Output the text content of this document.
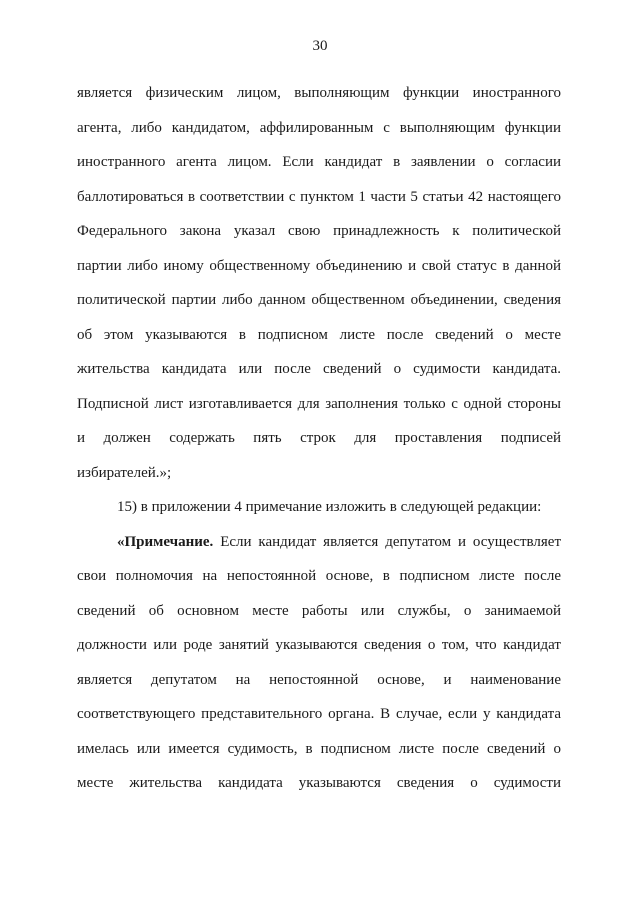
30
является физическим лицом, выполняющим функции иностранного
агента, либо кандидатом, аффилированным с выполняющим функции
иностранного агента лицом. Если кандидат в заявлении о согласии
баллотироваться в соответствии с пунктом 1 части 5 статьи 42 настоящего
Федерального закона указал свою принадлежность к политической
партии либо иному общественному объединению и свой статус в данной
политической партии либо данном общественном объединении, сведения
об этом указываются в подписном листе после сведений о месте
жительства кандидата или после сведений о судимости кандидата.
Подписной лист изготавливается для заполнения только с одной стороны
и должен содержать пять строк для проставления подписей
избирателей.»;
15) в приложении 4 примечание изложить в следующей редакции:
«Примечание. Если кандидат является депутатом и осуществляет
свои полномочия на непостоянной основе, в подписном листе после
сведений об основном месте работы или службы, о занимаемой
должности или роде занятий указываются сведения о том, что кандидат
является депутатом на непостоянной основе, и наименование
соответствующего представительного органа. В случае, если у кандидата
имелась или имеется судимость, в подписном листе после сведений о
месте жительства кандидата указываются сведения о судимости
